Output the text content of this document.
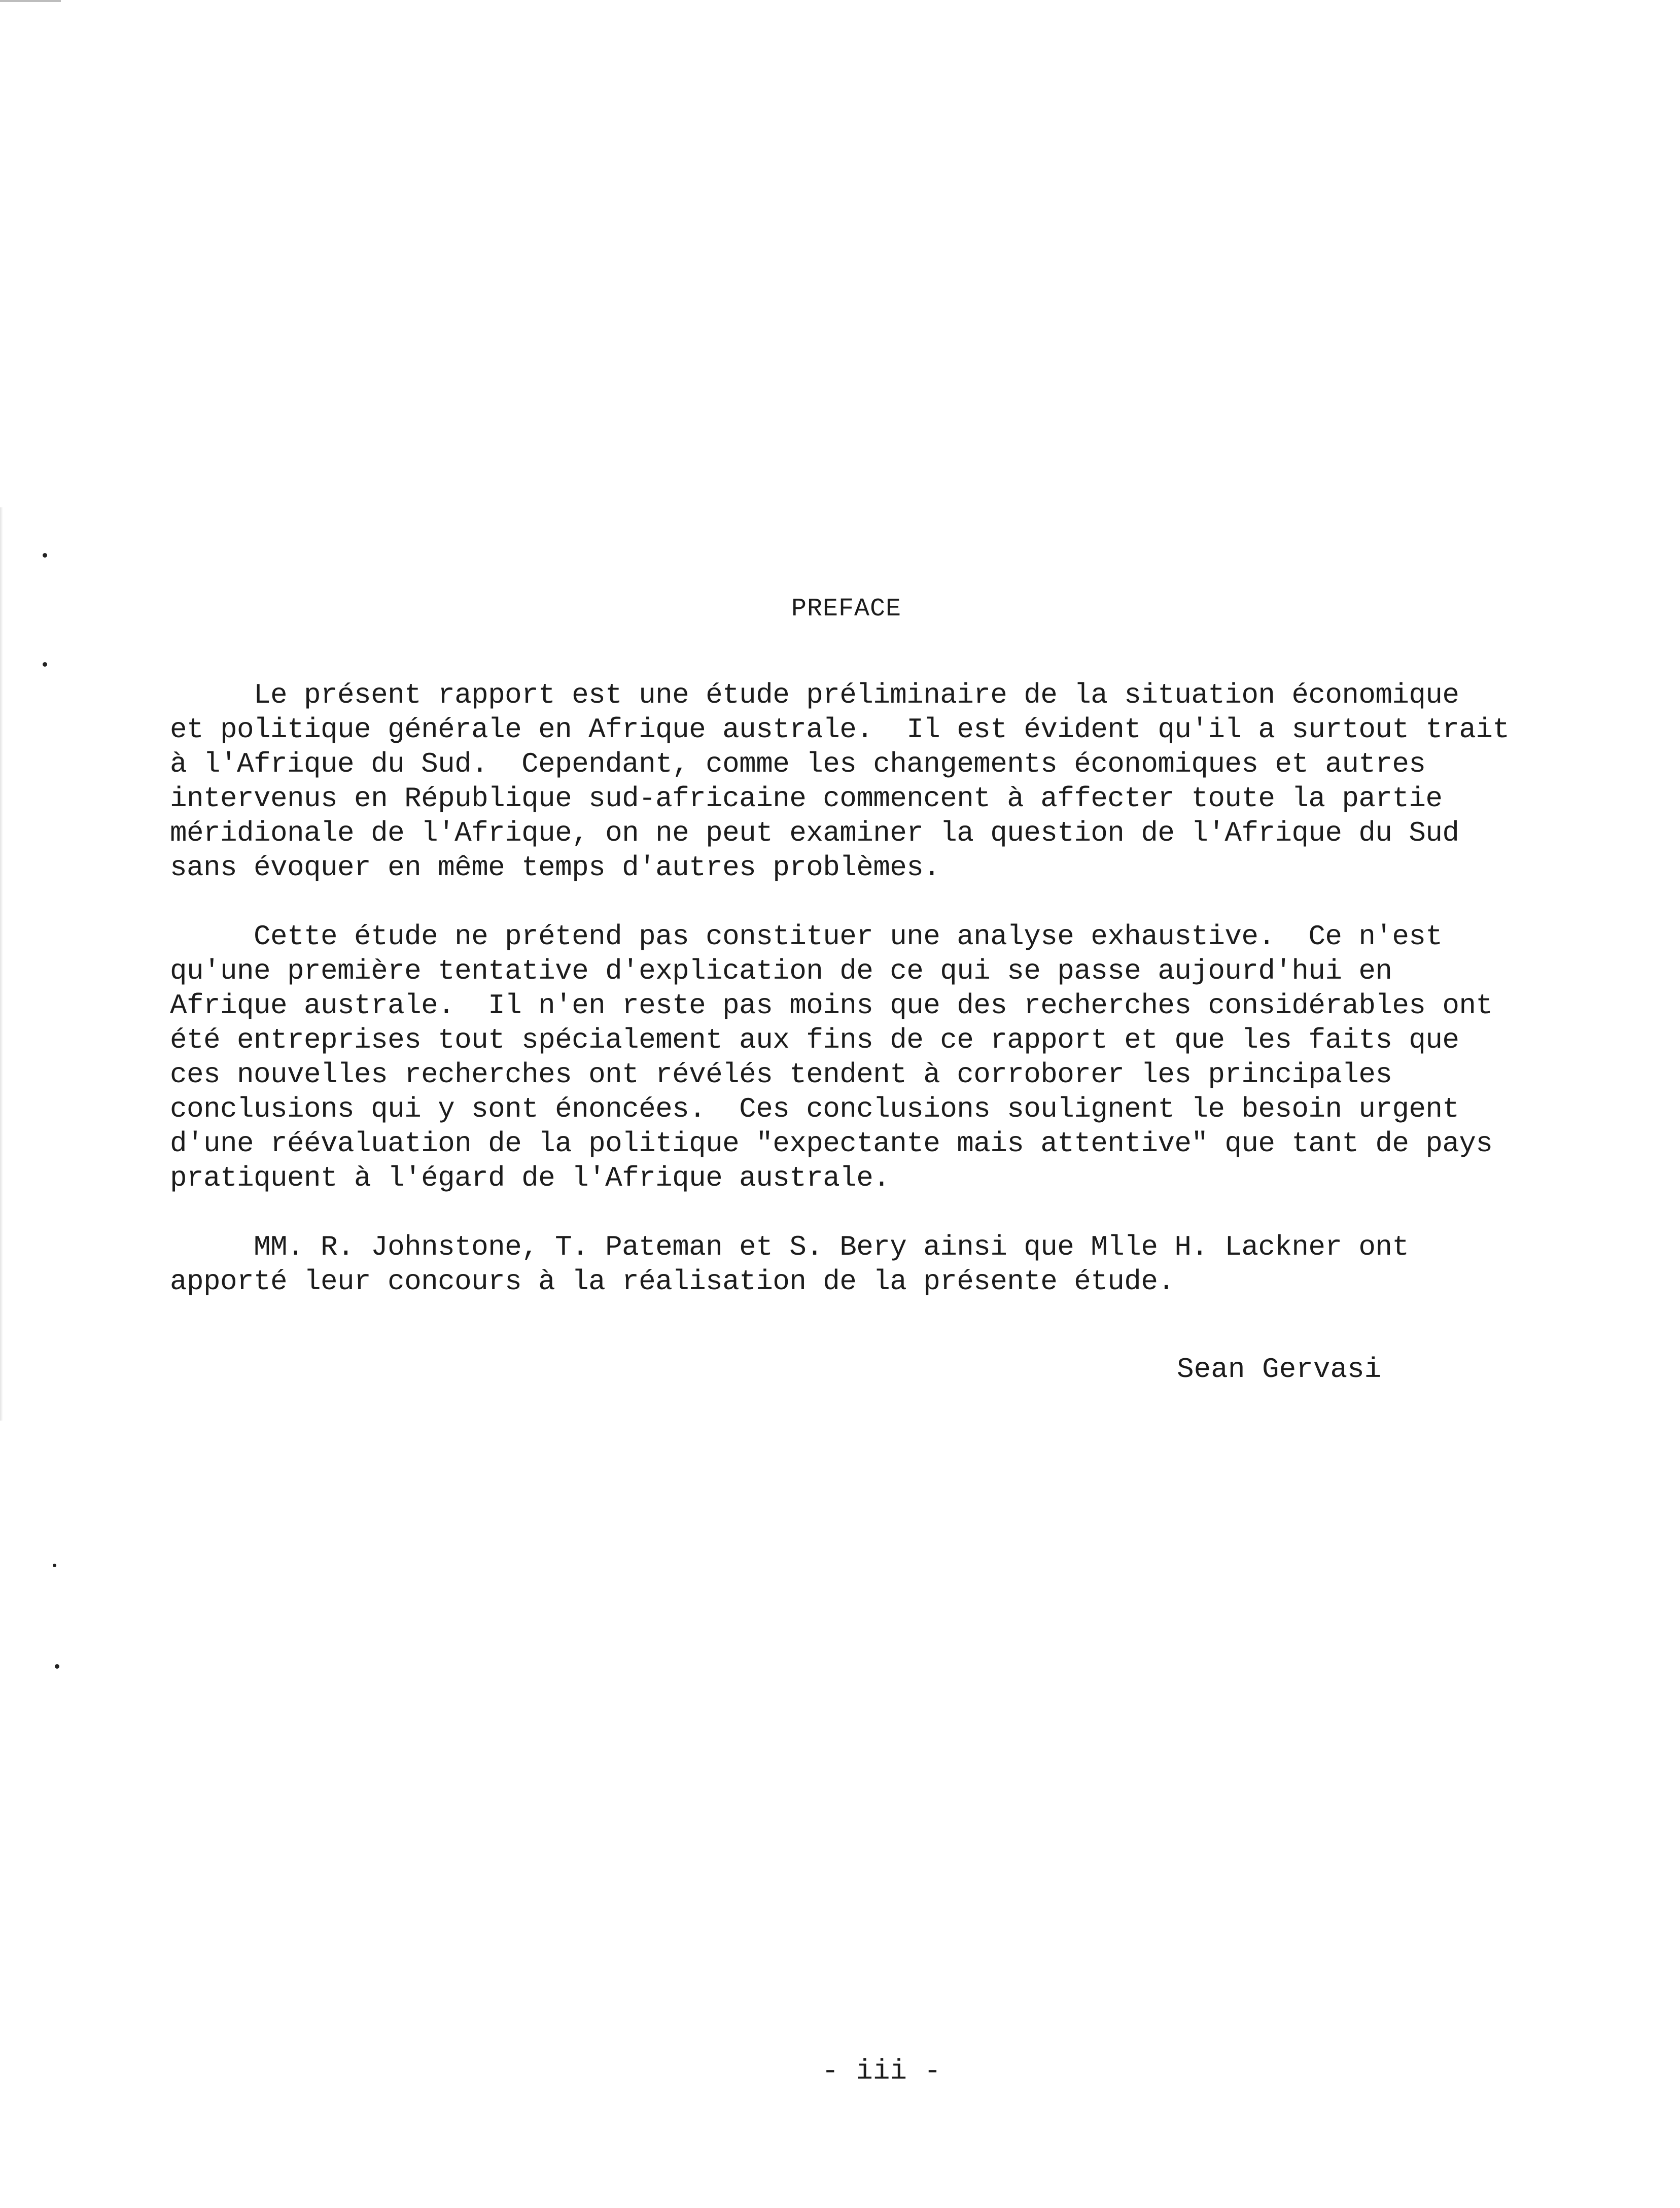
PREFACE
Le présent rapport est une étude préliminaire de la situation économique
et politique générale en Afrique australe.  Il est évident qu'il a surtout trait
à l'Afrique du Sud.  Cependant, comme les changements économiques et autres
intervenus en République sud-africaine commencent à affecter toute la partie
méridionale de l'Afrique, on ne peut examiner la question de l'Afrique du Sud
sans évoquer en même temps d'autres problèmes.
Cette étude ne prétend pas constituer une analyse exhaustive.  Ce n'est
qu'une première tentative d'explication de ce qui se passe aujourd'hui en
Afrique australe.  Il n'en reste pas moins que des recherches considérables ont
été entreprises tout spécialement aux fins de ce rapport et que les faits que
ces nouvelles recherches ont révélés tendent à corroborer les principales
conclusions qui y sont énoncées.  Ces conclusions soulignent le besoin urgent
d'une réévaluation de la politique "expectante mais attentive" que tant de pays
pratiquent à l'égard de l'Afrique australe.
MM. R. Johnstone, T. Pateman et S. Bery ainsi que Mlle H. Lackner ont
apporté leur concours à la réalisation de la présente étude.
Sean Gervasi
- iii -
